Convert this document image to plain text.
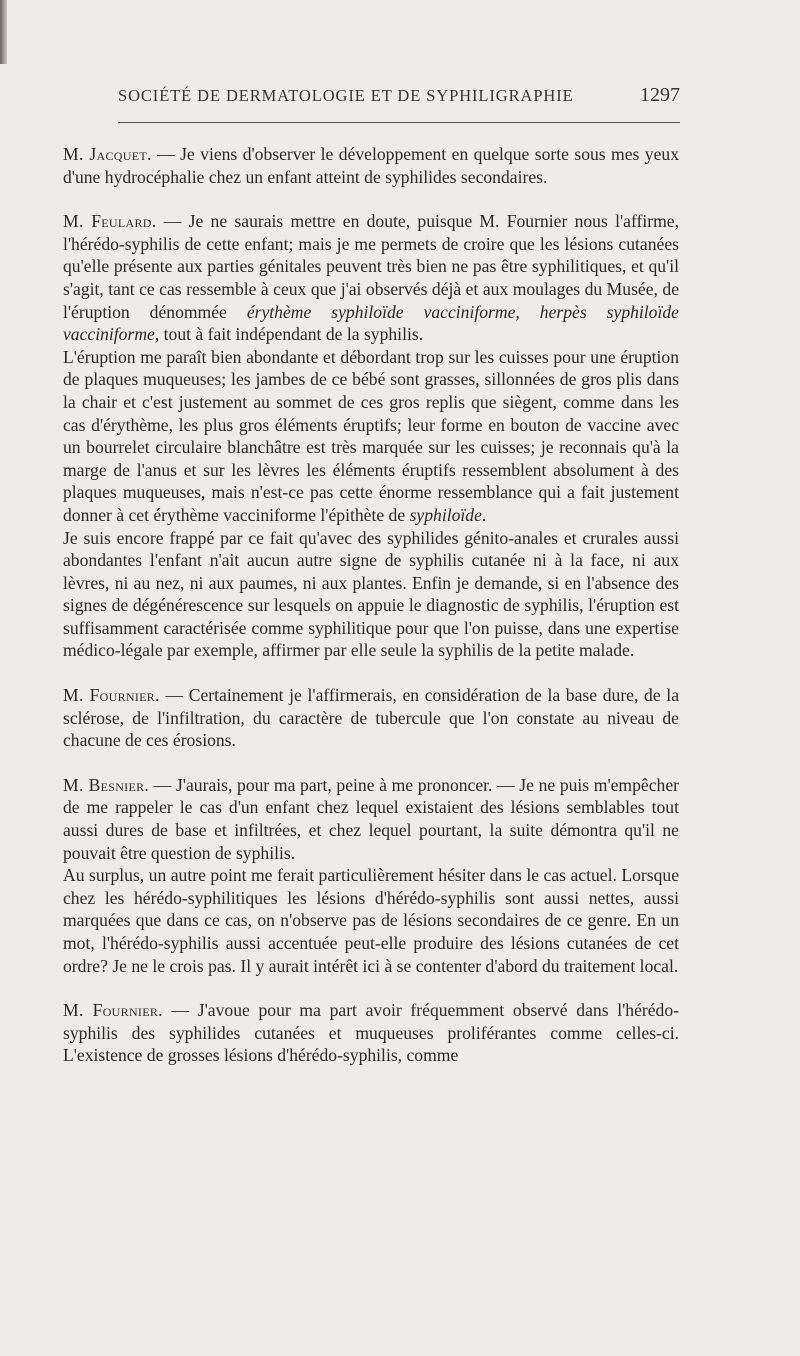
SOCIÉTÉ DE DERMATOLOGIE ET DE SYPHILIGRAPHIE	1297

M. Jacquet. — Je viens d'observer le développement en quelque sorte sous mes yeux d'une hydrocéphalie chez un enfant atteint de syphilides secondaires.

M. Feulard. — Je ne saurais mettre en doute, puisque M. Fournier nous l'affirme, l'hérédo-syphilis de cette enfant; mais je me permets de croire que les lésions cutanées qu'elle présente aux parties génitales peuvent très bien ne pas être syphilitiques, et qu'il s'agit, tant ce cas ressemble à ceux que j'ai observés déjà et aux moulages du Musée, de l'éruption dénommée érythème syphiloïde vacciniforme, herpès syphiloïde vacciniforme, tout à fait indépendant de la syphilis.

L'éruption me paraît bien abondante et débordant trop sur les cuisses pour une éruption de plaques muqueuses; les jambes de ce bébé sont grasses, sillonnées de gros plis dans la chair et c'est justement au sommet de ces gros replis que siègent, comme dans les cas d'érythème, les plus gros éléments éruptifs; leur forme en bouton de vaccine avec un bourrelet circulaire blanchâtre est très marquée sur les cuisses; je reconnais qu'à la marge de l'anus et sur les lèvres les éléments éruptifs ressemblent absolument à des plaques muqueuses, mais n'est-ce pas cette énorme ressemblance qui a fait justement donner à cet érythème vacciniforme l'épithète de syphiloïde.

Je suis encore frappé par ce fait qu'avec des syphilides génito-anales et crurales aussi abondantes l'enfant n'ait aucun autre signe de syphilis cutanée ni à la face, ni aux lèvres, ni au nez, ni aux paumes, ni aux plantes. Enfin je demande, si en l'absence des signes de dégénérescence sur lesquels on appuie le diagnostic de syphilis, l'éruption est suffisamment caractérisée comme syphilitique pour que l'on puisse, dans une expertise médico-légale par exemple, affirmer par elle seule la syphilis de la petite malade.

M. Fournier. — Certainement je l'affirmerais, en considération de la base dure, de la sclérose, de l'infiltration, du caractère de tubercule que l'on constate au niveau de chacune de ces érosions.

M. Besnier. — J'aurais, pour ma part, peine à me prononcer. — Je ne puis m'empêcher de me rappeler le cas d'un enfant chez lequel existaient des lésions semblables tout aussi dures de base et infiltrées, et chez lequel pourtant, la suite démontra qu'il ne pouvait être question de syphilis.

Au surplus, un autre point me ferait particulièrement hésiter dans le cas actuel. Lorsque chez les hérédo-syphilitiques les lésions d'hérédo-syphilis sont aussi nettes, aussi marquées que dans ce cas, on n'observe pas de lésions secondaires de ce genre. En un mot, l'hérédo-syphilis aussi accentuée peut-elle produire des lésions cutanées de cet ordre? Je ne le crois pas. Il y aurait intérêt ici à se contenter d'abord du traitement local.

M. Fournier. — J'avoue pour ma part avoir fréquemment observé dans l'hérédo-syphilis des syphilides cutanées et muqueuses proliférantes comme celles-ci. L'existence de grosses lésions d'hérédo-syphilis, comme
